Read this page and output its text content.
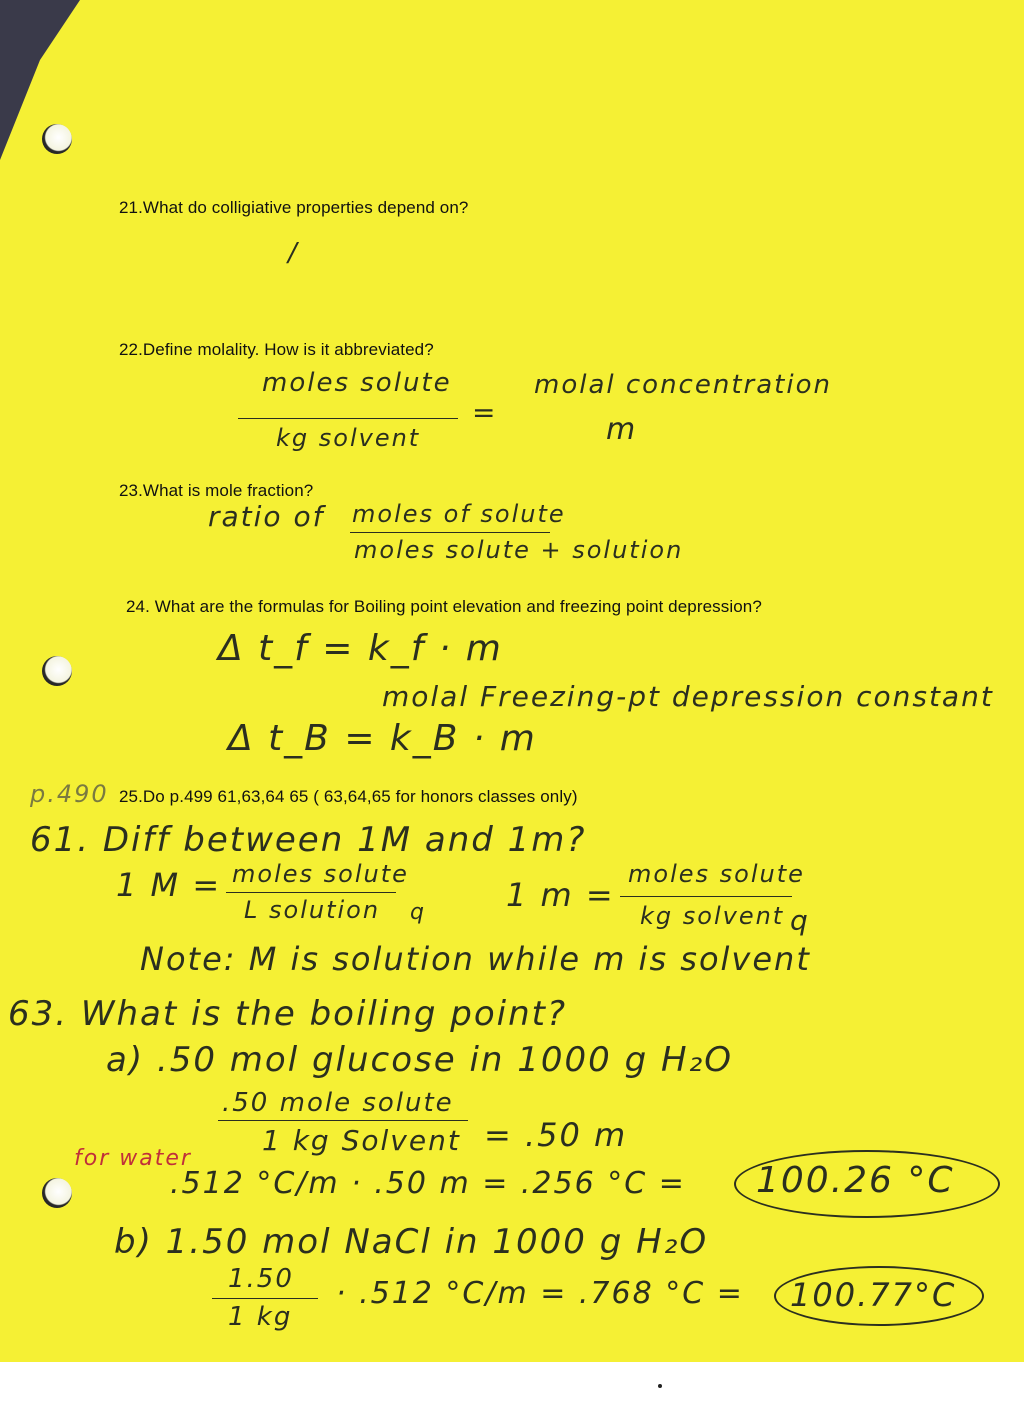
21.What do colligiative properties depend on?
22.Define molality. How is it abbreviated?
23.What is mole fraction?
24. What are the formulas for Boiling point elevation and freezing point depression?
25.Do p.499 61,63,64 65 ( 63,64,65 for honors classes only)
/
moles solute
kg solvent
=
molal concentration
m
ratio of moles of solute
moles solute + solution
Δ t_f = k_f · m
molal Freezing-pt depression constant
Δ t_B = k_B · m
p.490
61. Diff between 1M and 1m?
1 M = moles solute
L solution q	1 m =
moles solute
kg solvent q
Note: M is solution while m is solvent
63. What is the boiling point?
a) .50 mol glucose in 1000 g H₂O
.50 mole solute
1 kg Solvent = .50 m
for water
.512 °C/m · .50 m = .256 °C = 100.26 °C
b) 1.50 mol NaCl in 1000 g H₂O
1.50
1 kg
· .512 °C/m = .768 °C = 100.77°C
